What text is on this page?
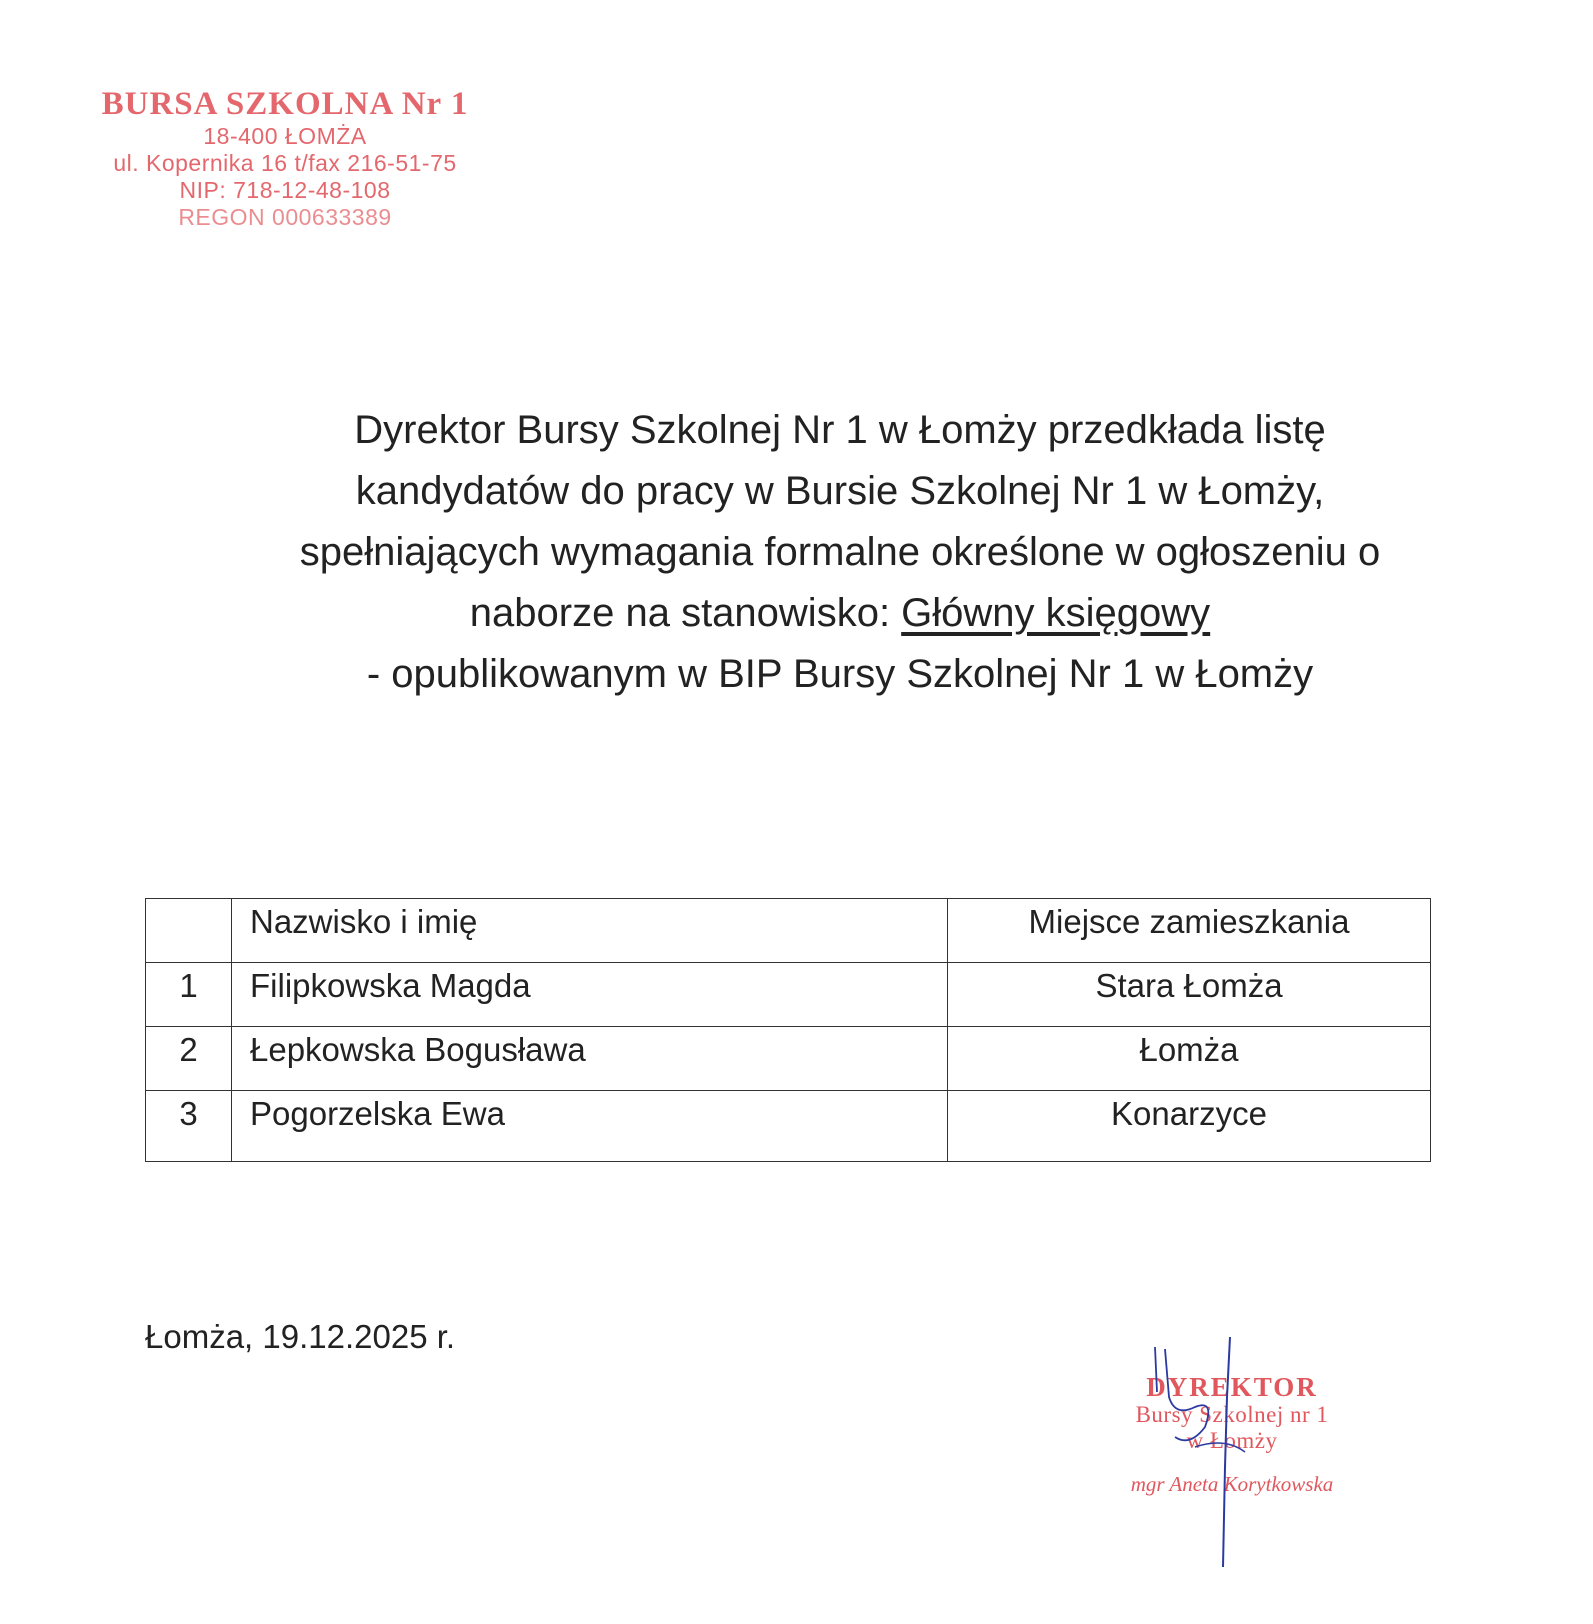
BURSA SZKOLNA Nr 1
18-400 ŁOMŻA
ul. Kopernika 16 t/fax 216-51-75
NIP: 718-12-48-108
REGON 000633389
Dyrektor Bursy Szkolnej Nr 1 w Łomży przedkłada listę
kandydatów do pracy w Bursie Szkolnej Nr 1 w Łomży,
spełniających wymagania formalne określone w ogłoszeniu o
naborze na stanowisko: Główny księgowy
- opublikowanym w BIP Bursy Szkolnej Nr 1 w Łomży

	Nazwisko i imię	Miejsce zamieszkania

1	Filipkowska Magda	Stara Łomża

2	Łepkowska Bogusława	Łomża

3	Pogorzelska Ewa	Konarzyce
Łomża, 19.12.2025 r.
DYREKTOR
Bursy Szkolnej nr 1
w Łomży
mgr Aneta Korytkowska
